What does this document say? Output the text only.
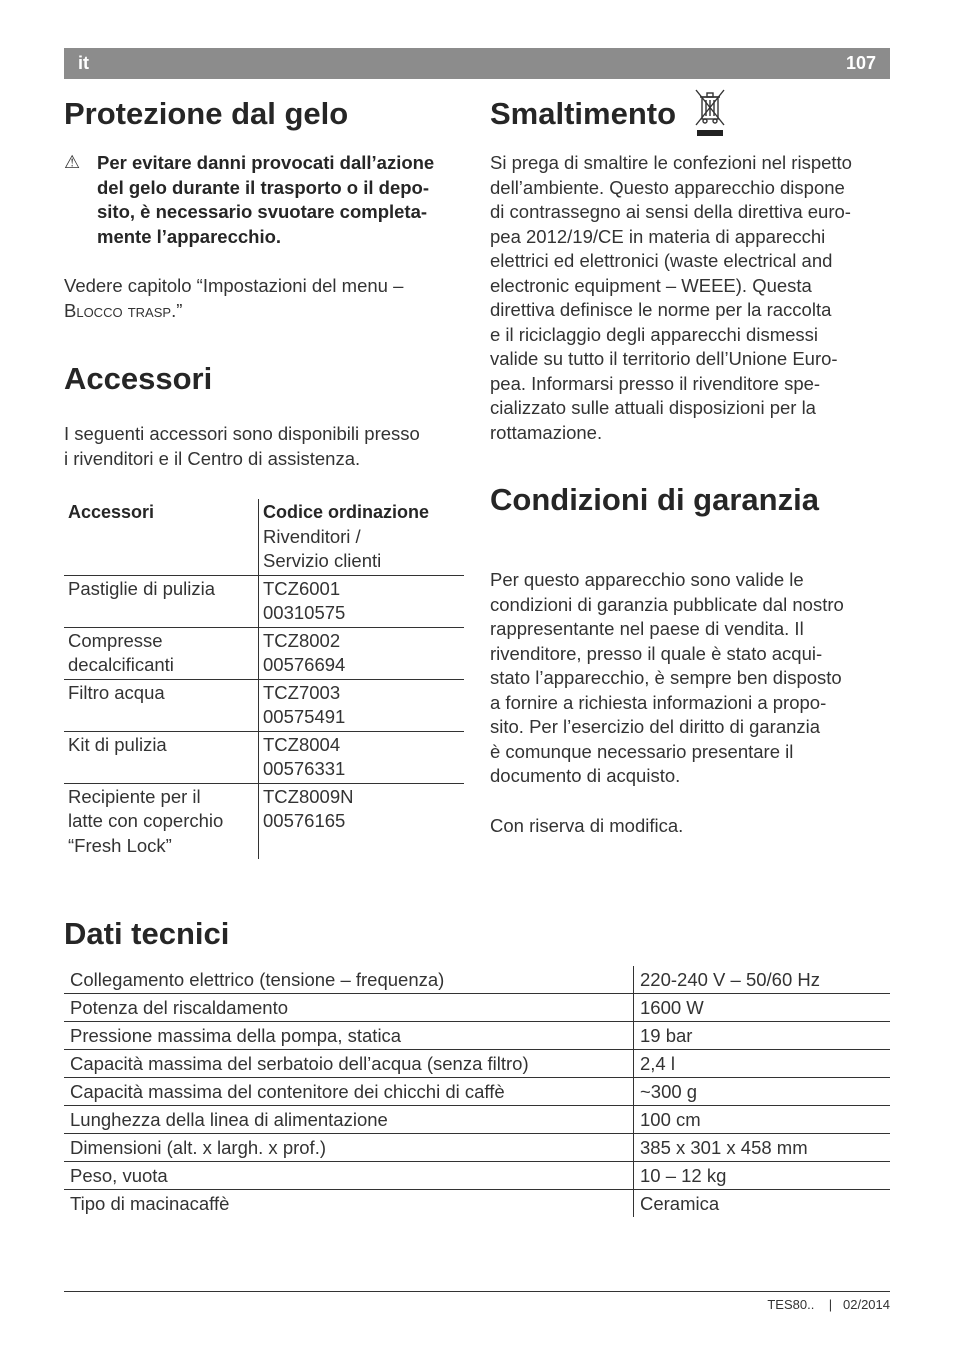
it	107
Protezione dal gelo
⚠ Per evitare danni provocati dall’azione
del gelo durante il trasporto o il depo-
sito, è necessario svuotare completa-
mente l’apparecchio.

Vedere capitolo “Impostazioni del menu –
Blocco trasp.”

Accessori

I seguenti accessori sono disponibili presso
i rivenditori e il Centro di assistenza.

Accessori	Codice ordinazione
Rivenditori /
Servizio clienti
Pastiglie di pulizia	TCZ6001
00310575
Compresse
decalcificanti	TCZ8002
00576694
Filtro acqua	TCZ7003
00575491
Kit di pulizia	TCZ8004
00576331
Recipiente per il
latte con coperchio
“Fresh Lock”	TCZ8009N
00576165
Smaltimento

Si prega di smaltire le confezioni nel rispetto
dell’ambiente. Questo apparecchio dispone
di contrassegno ai sensi della direttiva euro-
pea 2012/19/CE in materia di apparecchi
elettrici ed elettronici (waste electrical and
electronic equipment – WEEE). Questa
direttiva definisce le norme per la raccolta
e il riciclaggio degli apparecchi dismessi
valide su tutto il territorio dell’Unione Euro-
pea. Informarsi presso il rivenditore spe-
cializzato sulle attuali disposizioni per la
rottamazione.

Condizioni di garanzia

Per questo apparecchio sono valide le
condizioni di garanzia pubblicate dal nostro
rappresentante nel paese di vendita. Il
rivenditore, presso il quale è stato acqui-
stato l’apparecchio, è sempre ben disposto
a fornire a richiesta informazioni a propo-
sito. Per l’esercizio del diritto di garanzia
è comunque necessario presentare il
documento di acquisto.

Con riserva di modifica.

Dati tecnici
Collegamento elettrico (tensione – frequenza)	220-240 V – 50/60 Hz
Potenza del riscaldamento	1600 W
Pressione massima della pompa, statica	19 bar
Capacità massima del serbatoio dell’acqua (senza filtro)	2,4 l
Capacità massima del contenitore dei chicchi di caffè	~300 g
Lunghezza della linea di alimentazione	100 cm
Dimensioni (alt. x largh. x prof.)	385 x 301 x 458 mm
Peso, vuota	10 – 12 kg
Tipo di macinacaffè	Ceramica
TES80.. | 02/2014
